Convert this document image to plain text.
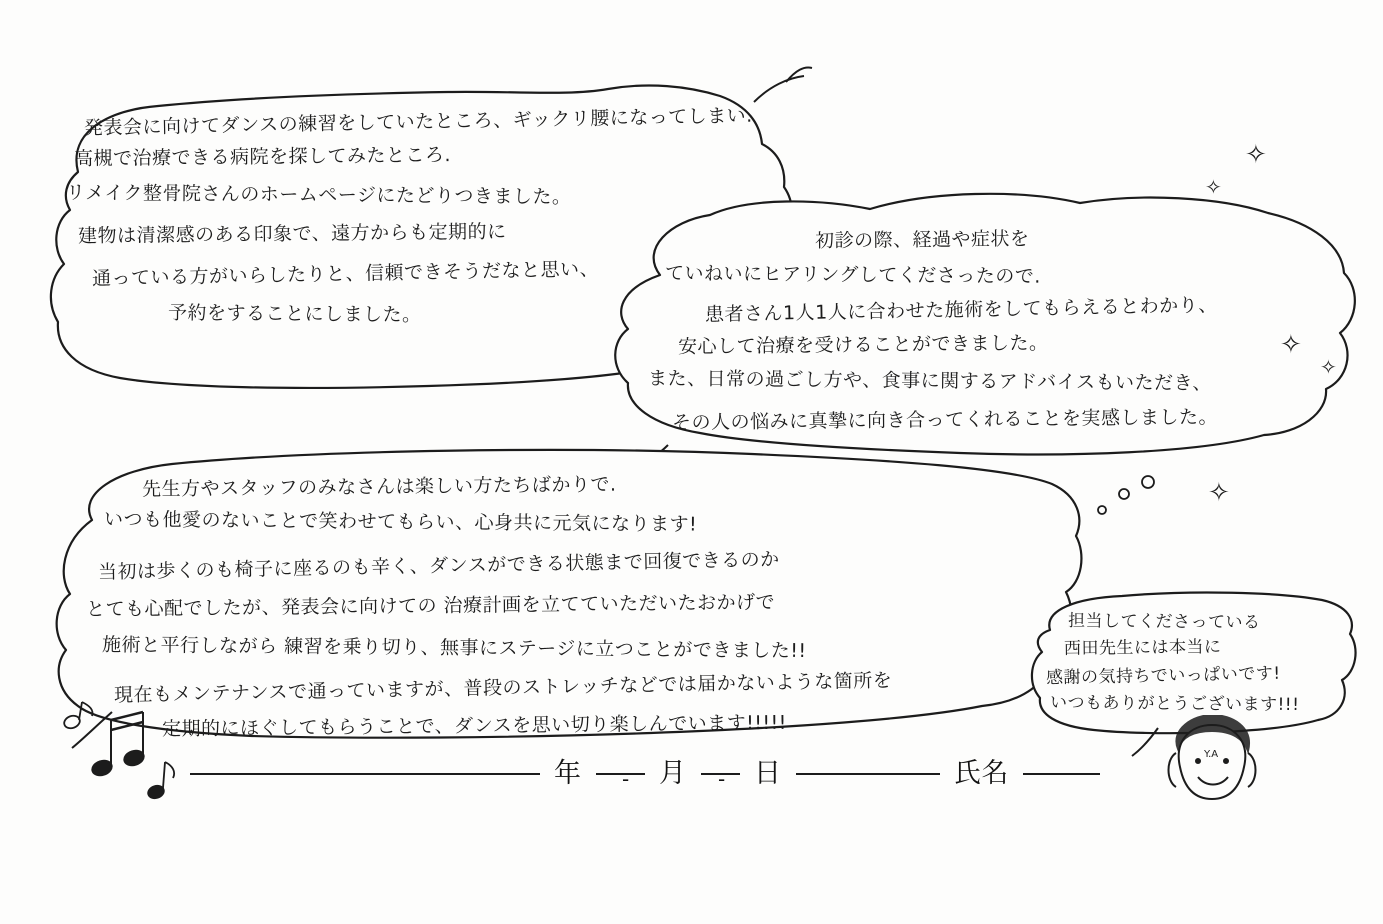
発表会に向けてダンスの練習をしていたところ、ギックリ腰になってしまい.
高槻で治療できる病院を探してみたところ.
リメイク整骨院さんのホームページにたどりつきました。
建物は清潔感のある印象で、遠方からも定期的に
通っている方がいらしたりと、信頼できそうだなと思い、
予約をすることにしました。
初診の際、経過や症状を
ていねいにヒアリングしてくださったので.
患者さん1人1人に合わせた施術をしてもらえるとわかり、
安心して治療を受けることができました。
また、日常の過ごし方や、食事に関するアドバイスもいただき、
その人の悩みに真摯に向き合ってくれることを実感しました。
先生方やスタッフのみなさんは楽しい方たちばかりで.
いつも他愛のないことで笑わせてもらい、心身共に元気になります!
当初は歩くのも椅子に座るのも辛く、ダンスができる状態まで回復できるのか
とても心配でしたが、発表会に向けての 治療計画を立てていただいたおかげで
施術と平行しながら 練習を乗り切り、無事にステージに立つことができました!!
現在もメンテナンスで通っていますが、普段のストレッチなどでは届かないような箇所を
定期的にほぐしてもらうことで、ダンスを思い切り楽しんでいます!!!!!
担当してくださっている
西田先生には本当に
感謝の気持ちでいっぱいです!
いつもありがとうございます!!!
年	-	月	-	日	氏名
✧
✧
✧
✧
✧
Y.A
